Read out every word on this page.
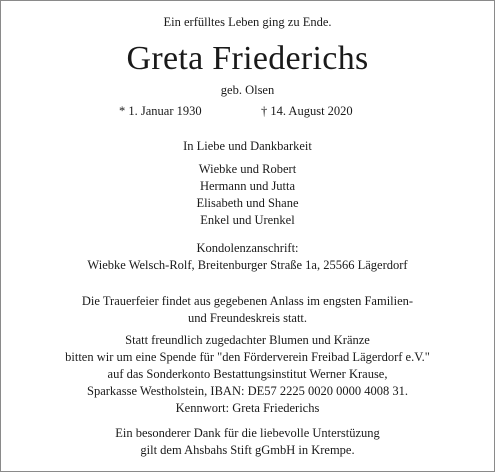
Ein erfülltes Leben ging zu Ende.
Greta Friederichs
geb. Olsen
* 1. Januar 1930	† 14. August 2020
In Liebe und Dankbarkeit
Wiebke und Robert
Hermann und Jutta
Elisabeth und Shane
Enkel und Urenkel
Kondolenzanschrift:
Wiebke Welsch-Rolf, Breitenburger Straße 1a, 25566 Lägerdorf
Die Trauerfeier findet aus gegebenen Anlass im engsten Familien-
und Freundeskreis statt.
Statt freundlich zugedachter Blumen und Kränze
bitten wir um eine Spende für "den Förderverein Freibad Lägerdorf e.V."
auf das Sonderkonto Bestattungsinstitut Werner Krause,
Sparkasse Westholstein, IBAN: DE57 2225 0020 0000 4008 31.
Kennwort: Greta Friederichs
Ein besonderer Dank für die liebevolle Unterstüzung
gilt dem Ahsbahs Stift gGmbH in Krempe.
